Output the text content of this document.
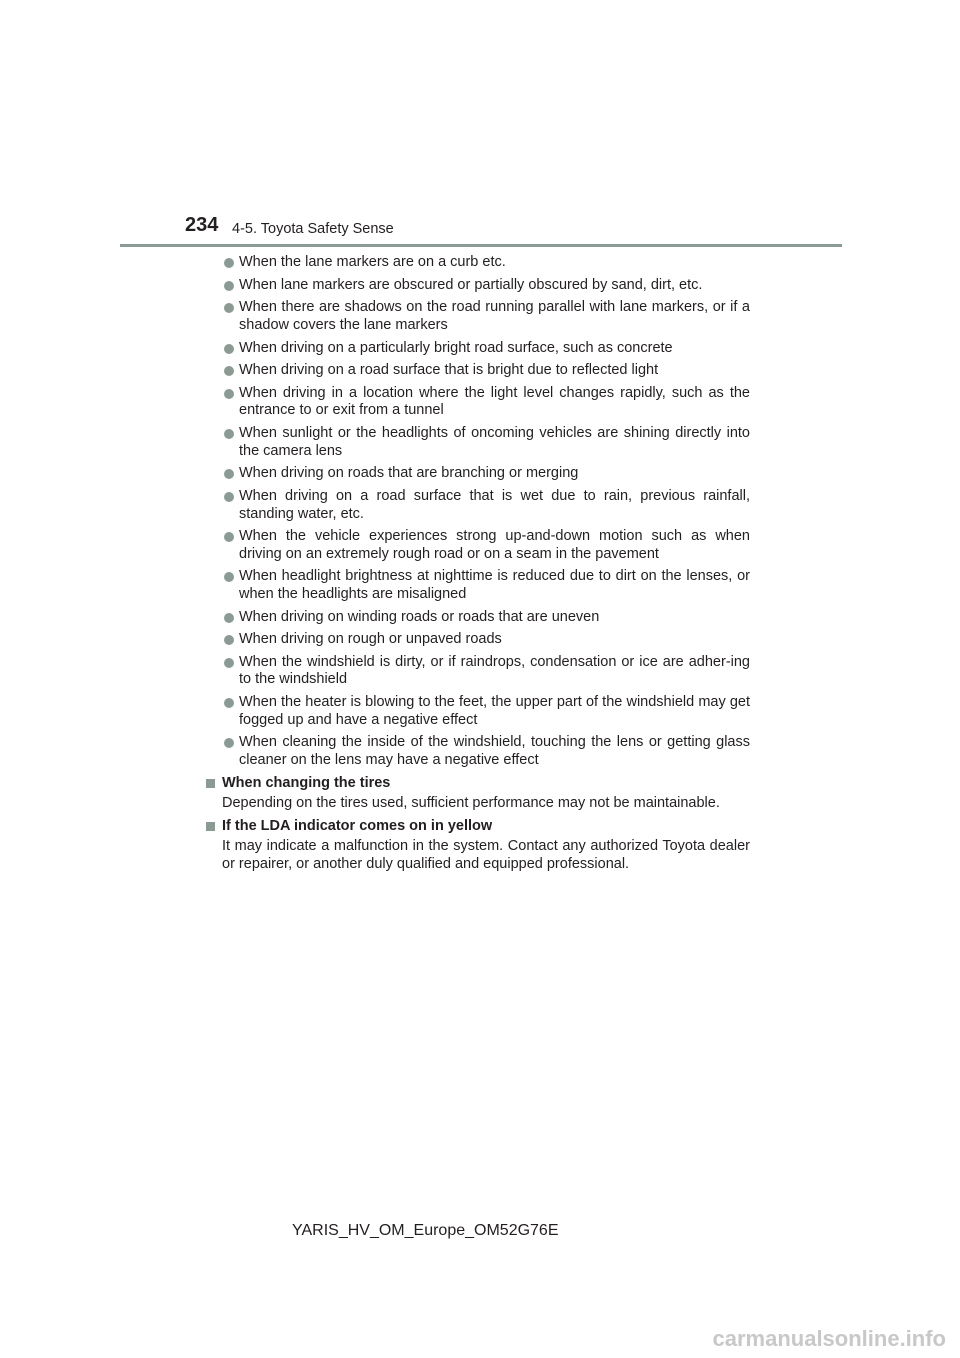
234 4-5. Toyota Safety Sense
When the lane markers are on a curb etc.
When lane markers are obscured or partially obscured by sand, dirt, etc.
When there are shadows on the road running parallel with lane markers, or if a shadow covers the lane markers
When driving on a particularly bright road surface, such as concrete
When driving on a road surface that is bright due to reflected light
When driving in a location where the light level changes rapidly, such as the entrance to or exit from a tunnel
When sunlight or the headlights of oncoming vehicles are shining directly into the camera lens
When driving on roads that are branching or merging
When driving on a road surface that is wet due to rain, previous rainfall, standing water, etc.
When the vehicle experiences strong up-and-down motion such as when driving on an extremely rough road or on a seam in the pavement
When headlight brightness at nighttime is reduced due to dirt on the lenses, or when the headlights are misaligned
When driving on winding roads or roads that are uneven
When driving on rough or unpaved roads
When the windshield is dirty, or if raindrops, condensation or ice are adher-ing to the windshield
When the heater is blowing to the feet, the upper part of the windshield may get fogged up and have a negative effect
When cleaning the inside of the windshield, touching the lens or getting glass cleaner on the lens may have a negative effect
When changing the tires
Depending on the tires used, sufficient performance may not be maintainable.
If the LDA indicator comes on in yellow
It may indicate a malfunction in the system. Contact any authorized Toyota dealer or repairer, or another duly qualified and equipped professional.
YARIS_HV_OM_Europe_OM52G76E
carmanualsonline.info
